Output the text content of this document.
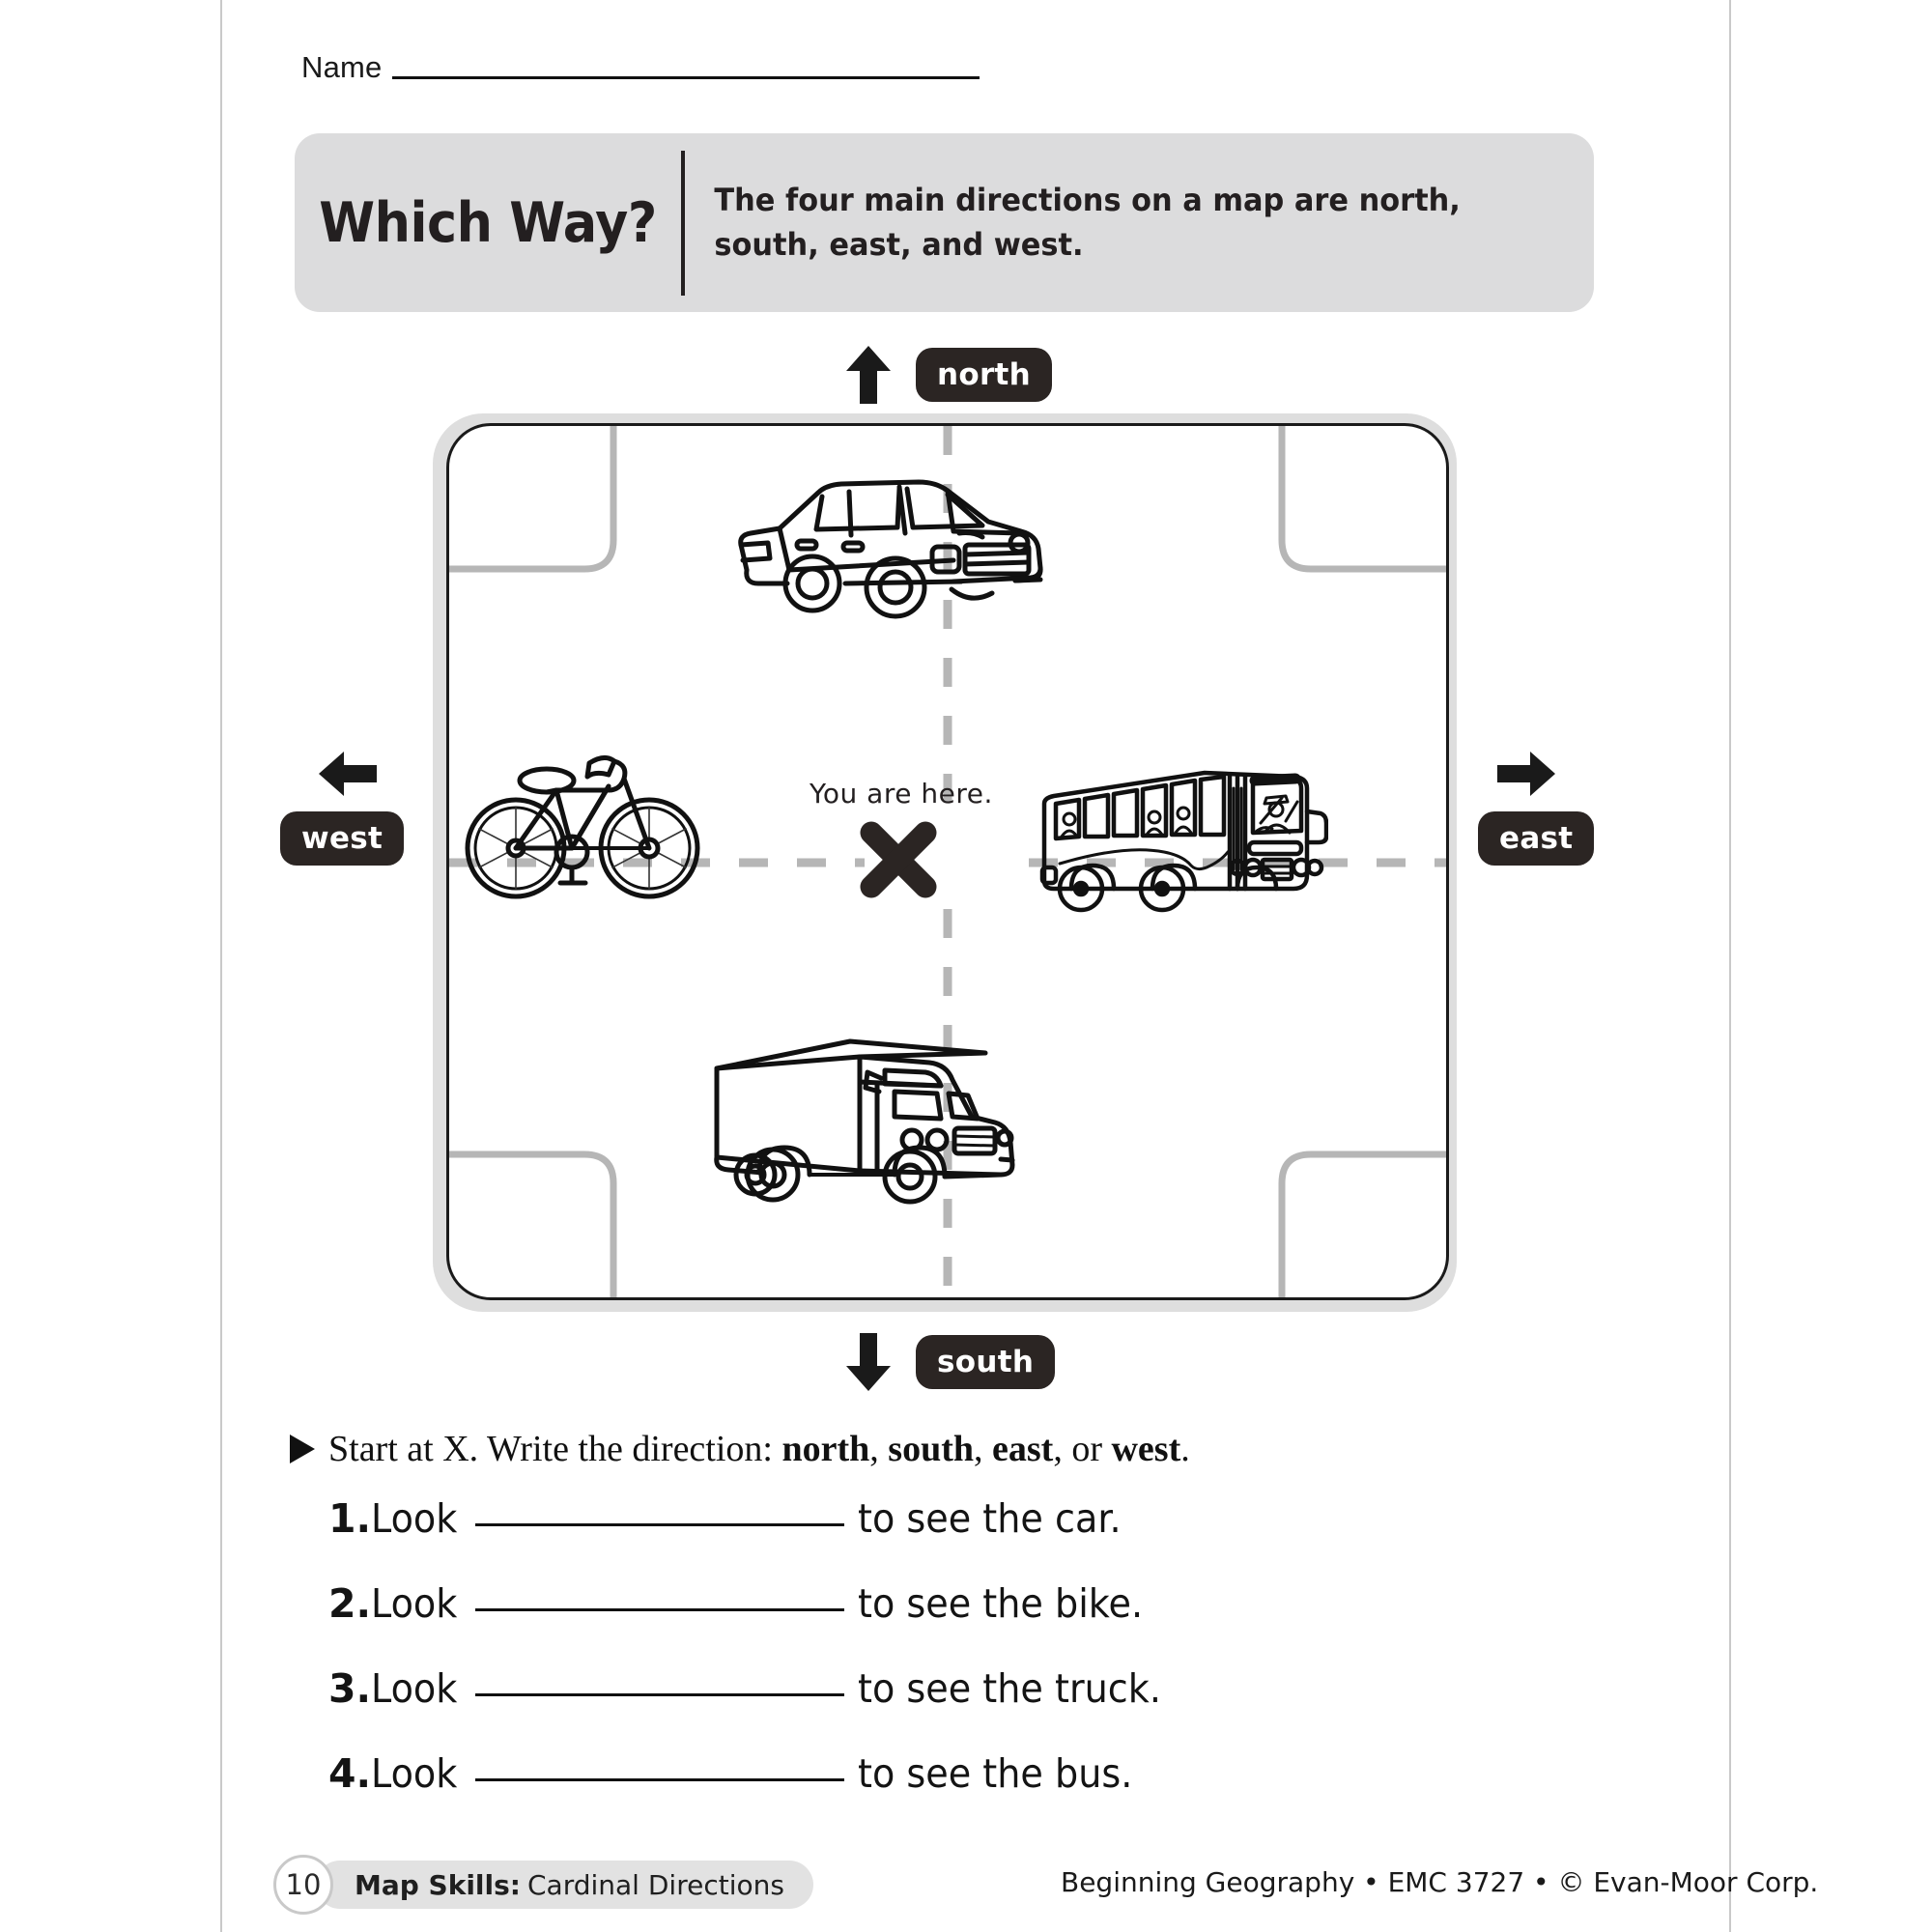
Name
Which Way?	The four main directions on a map are north, south, east, and west.
north
south
west	east
You are here.
Start at X. Write the direction: north, south, east, or west.
1. Look	to see the car.
2. Look	to see the bike.
3. Look	to see the truck.
4. Look	to see the bus.
10	Map Skills: Cardinal Directions	Beginning Geography • EMC 3727 • © Evan-Moor Corp.
